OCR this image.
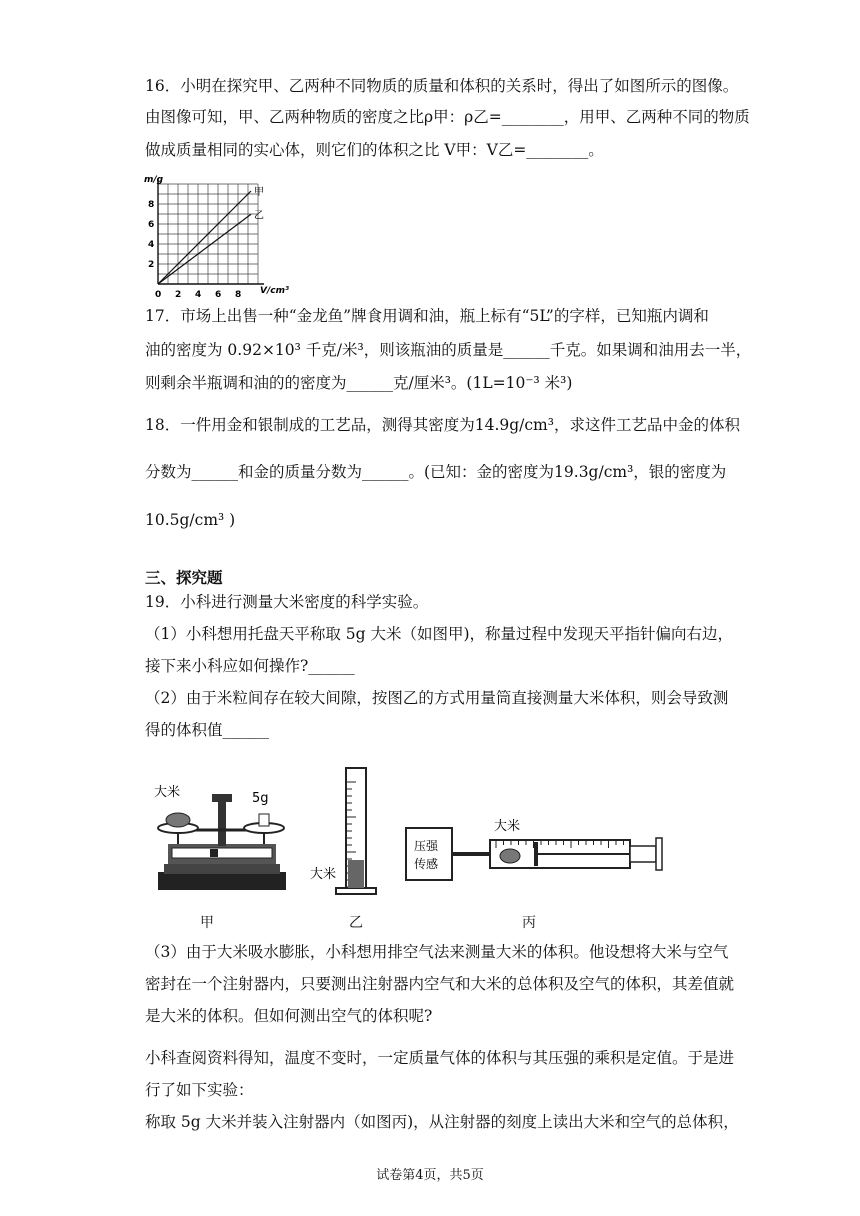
16．小明在探究甲、乙两种不同物质的质量和体积的关系时，得出了如图所示的图像。
由图像可知，甲、乙两种物质的密度之比ρ甲：ρ乙=________，用甲、乙两种不同的物质
做成质量相同的实心体，则它们的体积之比 V甲：V乙=________。
甲
乙
0 2 4 6 8
2
4
6
8
m/g
V/cm³
17．市场上出售一种“金龙鱼”牌食用调和油，瓶上标有“5L”的字样，已知瓶内调和
油的密度为 0.92×10³ 千克/米³，则该瓶油的质量是______千克。如果调和油用去一半，
则剩余半瓶调和油的的密度为______克/厘米³。(1L=10⁻³ 米³)
18．一件用金和银制成的工艺品，测得其密度为14.9g/cm³，求这件工艺品中金的体积
分数为______和金的质量分数为______。(已知：金的密度为19.3g/cm³，银的密度为
10.5g/cm³ )
三、探究题
19．小科进行测量大米密度的科学实验。
（1）小科想用托盘天平称取 5g 大米（如图甲)，称量过程中发现天平指针偏向右边，
接下来小科应如何操作?______
（2）由于米粒间存在较大间隙，按图乙的方式用量筒直接测量大米体积，则会导致测
得的体积值______
大米	5g
大米
压强
传感
大米
甲	乙	丙
（3）由于大米吸水膨胀，小科想用排空气法来测量大米的体积。他设想将大米与空气
密封在一个注射器内，只要测出注射器内空气和大米的总体积及空气的体积，其差值就
是大米的体积。但如何测出空气的体积呢?
小科查阅资料得知，温度不变时，一定质量气体的体积与其压强的乘积是定值。于是进
行了如下实验：
称取 5g 大米并装入注射器内（如图丙)，从注射器的刻度上读出大米和空气的总体积，
试卷第4页，共5页
